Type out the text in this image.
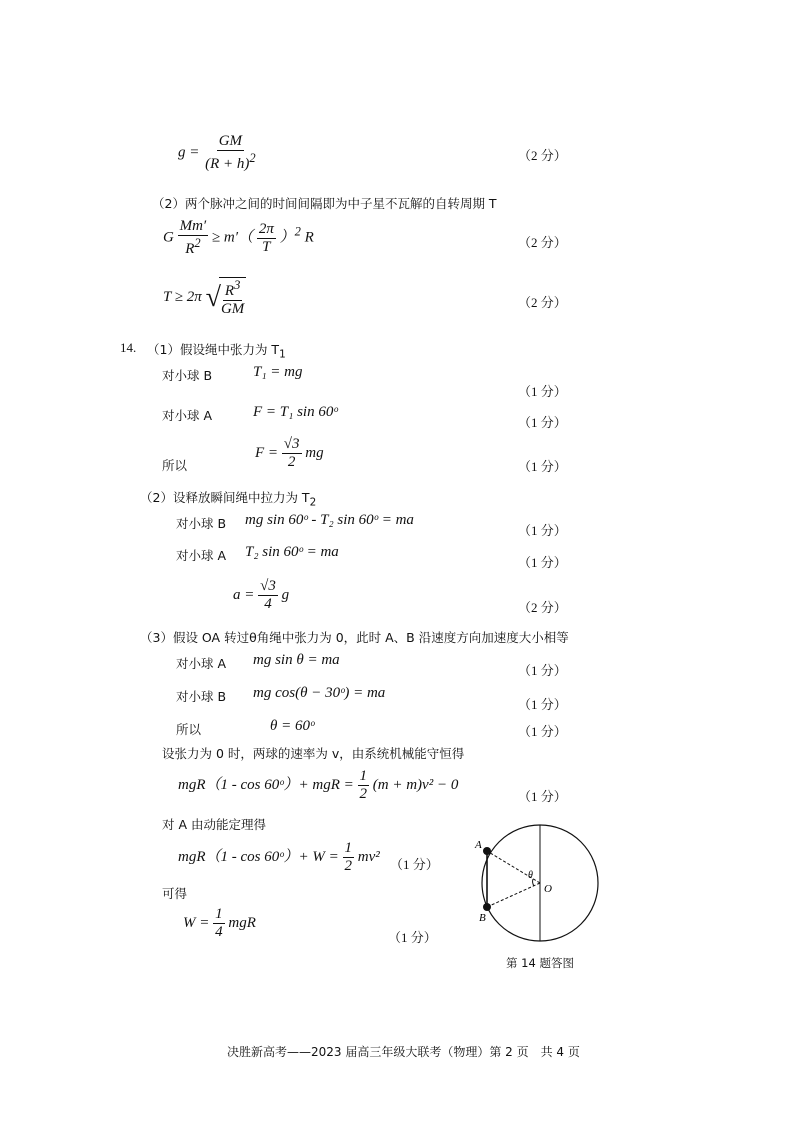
$g = \frac{GM}{(R + h)^2}$	（2 分）
（2）两个脉冲之间的时间间隔即为中子星不瓦解的自转周期 T
G $\frac{Mm'}{R^2} \ge m'( \frac{2\pi}{T} )^2$ R	（2 分）
T ≥ 2π √
$\frac{R^3}{GM}$	（2 分）
14. （1）假设绳中张力为 $T_1$
对小球 B	T₁ = mg
（1 分）
对小球 A	F = T₁ sin 60ᵒ
（1 分）
所以
$F = \frac{√3}{2}$ mg
（1 分）
（2）设释放瞬间绳中拉力为 $T_2$
对小球 B mg sin 60ᵒ - T₂ sin 60ᵒ = ma
（1 分）
对小球 A T₂ sin 60ᵒ = ma
（1 分）
$a = \frac{√3}{4}$ g
（2 分）
（3）假设 OA 转过θ角绳中张力为 0，此时 A、B 沿速度方向加速度大小相等
对小球 A mg sin θ = ma
（1 分）
对小球 B mg cos(θ − 30ᵒ) = ma
（1 分）
所以	θ = 60ᵒ	（1 分）
设张力为 0 时，两球的速率为 v，由系统机械能守恒得
mgR（1 - cos 60ᵒ）+ mgR = $\frac{1}{2} (m + m)v^2 - 0$
（1 分）
对 A 由动能定理得
mgR（1 - cos 60ᵒ）+ $W = \frac{1}{2} mv^2$ （1 分）
可得
$W = \frac{1}{4}$ mgR
（1 分）
A
B
O
θ
第 14 题答图
决胜新高考——2023 届高三年级大联考（物理）第 2 页　共 4 页
